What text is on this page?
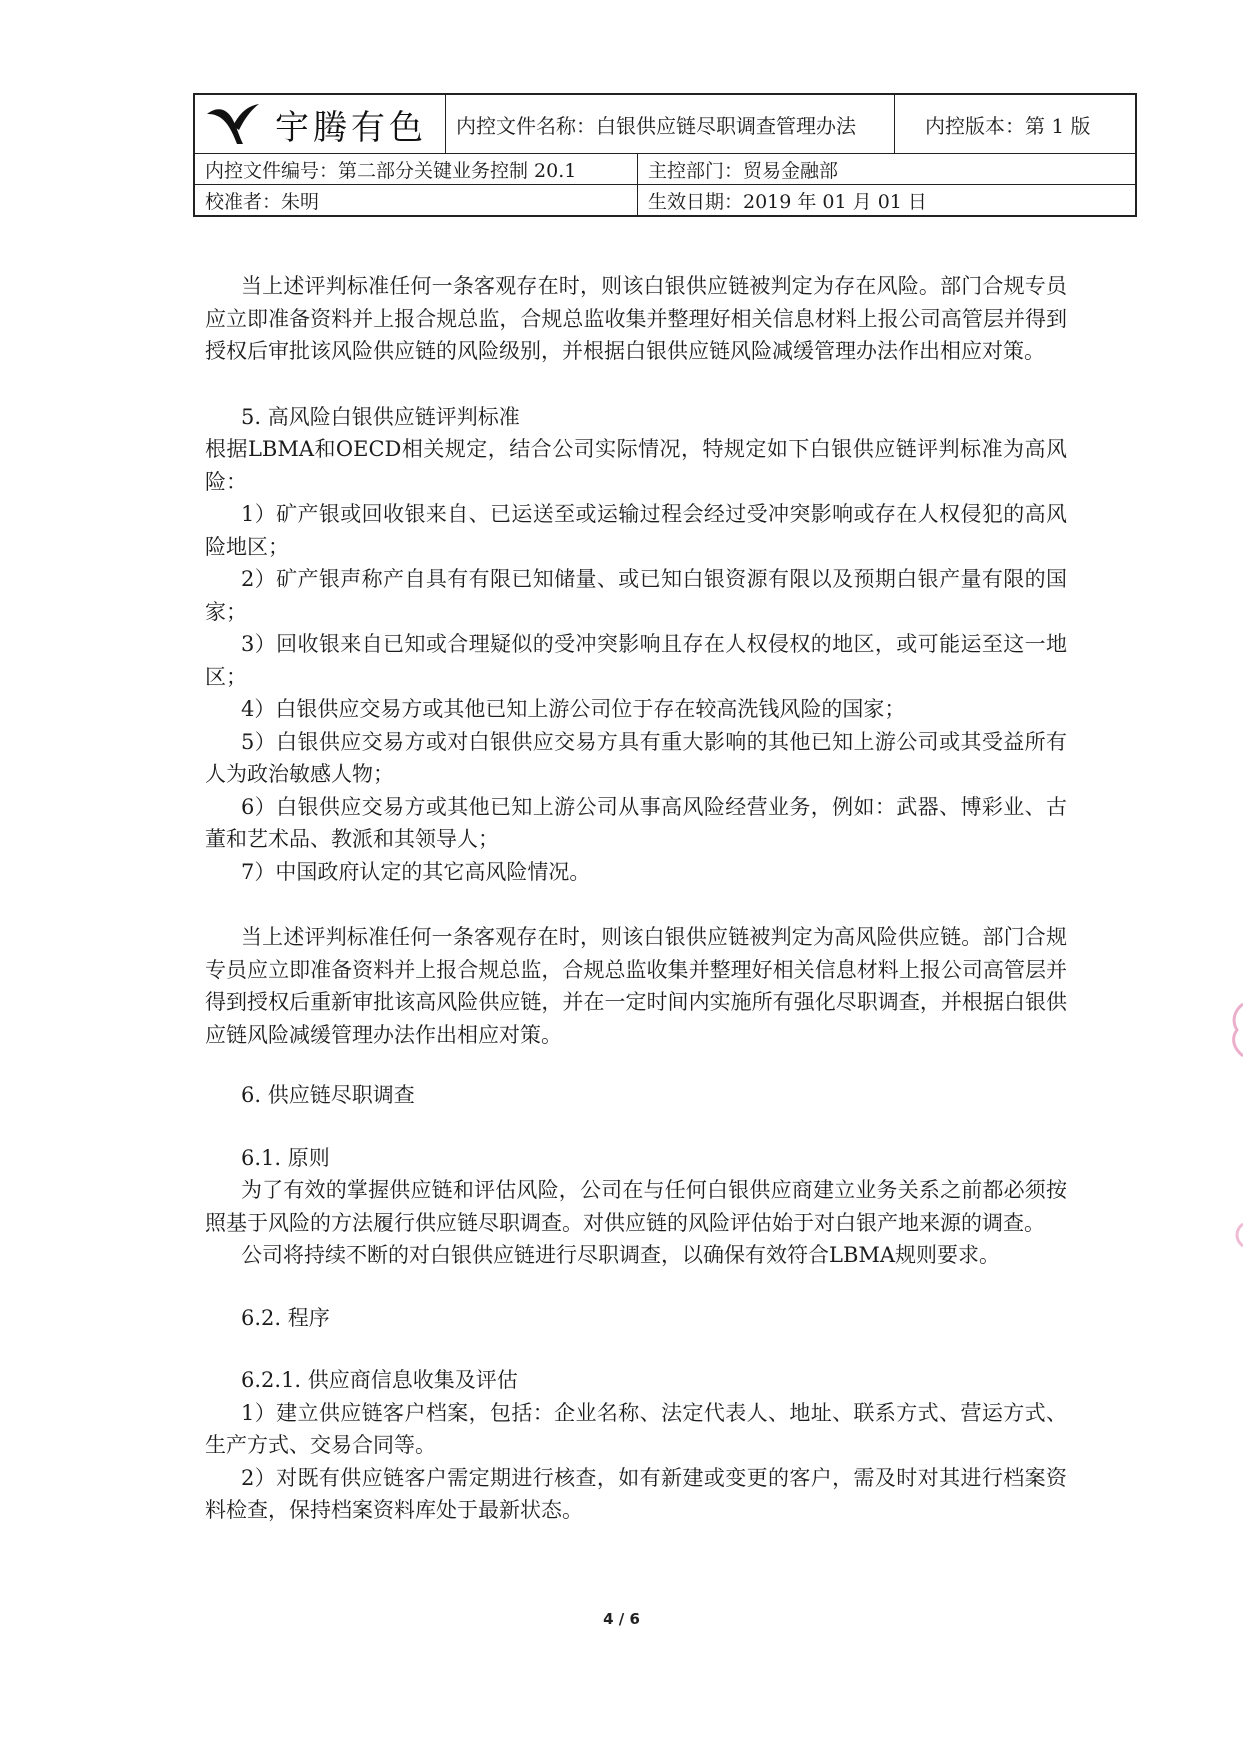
宇腾有色	内控文件名称：白银供应链尽职调查管理办法	内控版本：第 1 版
内控文件编号：第二部分关键业务控制 20.1	主控部门：贸易金融部
校准者：朱明	生效日期：2019 年 01 月 01 日

当上述评判标准任何一条客观存在时，则该白银供应链被判定为存在风险。部门合规专员应立即准备资料并上报合规总监，合规总监收集并整理好相关信息材料上报公司高管层并得到授权后审批该风险供应链的风险级别，并根据白银供应链风险减缓管理办法作出相应对策。

5. 高风险白银供应链评判标准

根据LBMA和OECD相关规定，结合公司实际情况，特规定如下白银供应链评判标准为高风险：

1）矿产银或回收银来自、已运送至或运输过程会经过受冲突影响或存在人权侵犯的高风险地区；

2）矿产银声称产自具有有限已知储量、或已知白银资源有限以及预期白银产量有限的国家；

3）回收银来自已知或合理疑似的受冲突影响且存在人权侵权的地区，或可能运至这一地区；

4）白银供应交易方或其他已知上游公司位于存在较高洗钱风险的国家；

5）白银供应交易方或对白银供应交易方具有重大影响的其他已知上游公司或其受益所有人为政治敏感人物；

6）白银供应交易方或其他已知上游公司从事高风险经营业务，例如：武器、博彩业、古董和艺术品、教派和其领导人；

7）中国政府认定的其它高风险情况。

当上述评判标准任何一条客观存在时，则该白银供应链被判定为高风险供应链。部门合规专员应立即准备资料并上报合规总监，合规总监收集并整理好相关信息材料上报公司高管层并得到授权后重新审批该高风险供应链，并在一定时间内实施所有强化尽职调查，并根据白银供应链风险减缓管理办法作出相应对策。

6. 供应链尽职调查

6.1. 原则

为了有效的掌握供应链和评估风险，公司在与任何白银供应商建立业务关系之前都必须按照基于风险的方法履行供应链尽职调查。对供应链的风险评估始于对白银产地来源的调查。

公司将持续不断的对白银供应链进行尽职调查，以确保有效符合LBMA规则要求。

6.2. 程序

6.2.1. 供应商信息收集及评估

1）建立供应链客户档案，包括：企业名称、法定代表人、地址、联系方式、营运方式、生产方式、交易合同等。

2）对既有供应链客户需定期进行核查，如有新建或变更的客户，需及时对其进行档案资料检查，保持档案资料库处于最新状态。

4 / 6
